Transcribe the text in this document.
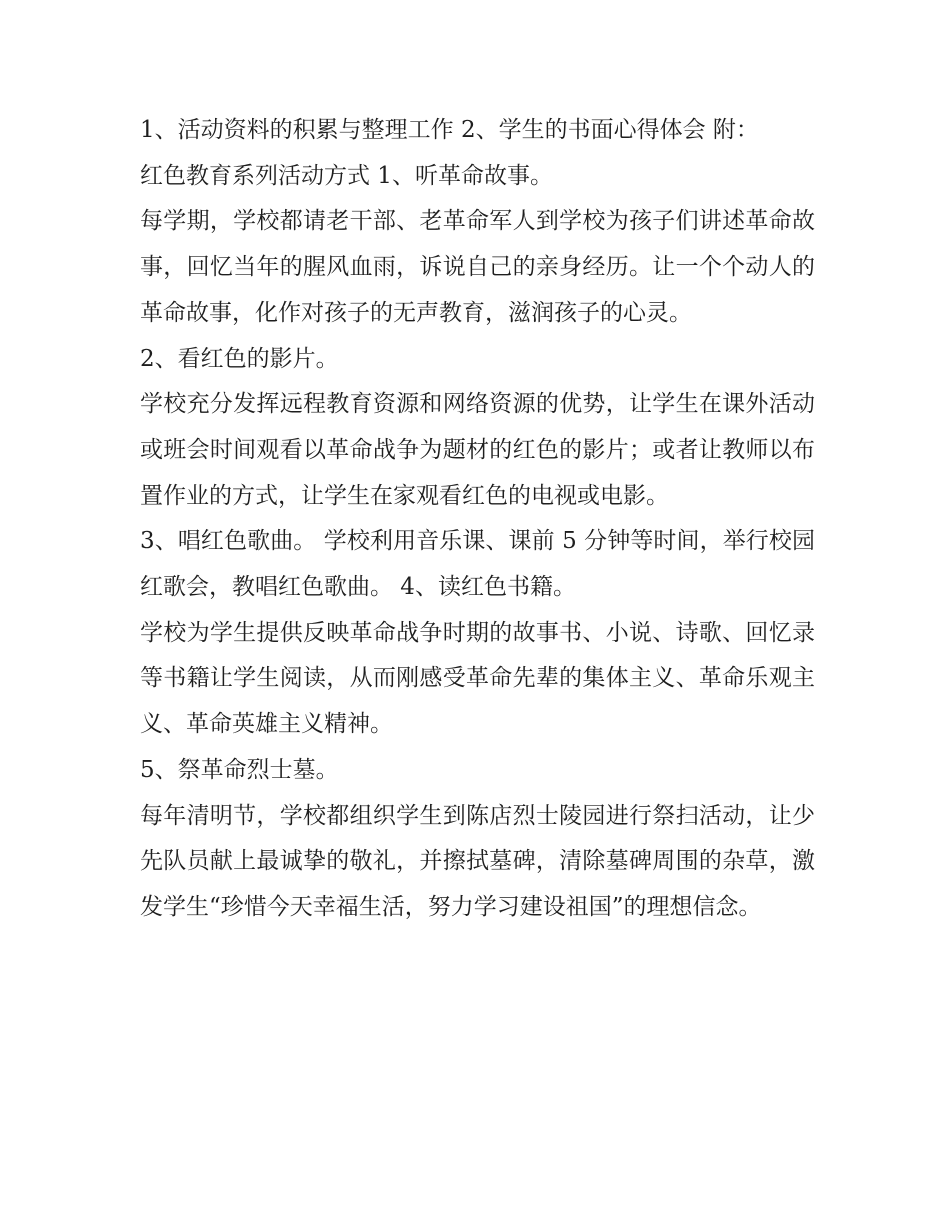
1、活动资料的积累与整理工作 2、学生的书面心得体会 附：

红色教育系列活动方式 1、听革命故事。

每学期，学校都请老干部、老革命军人到学校为孩子们讲述革命故事，回忆当年的腥风血雨，诉说自己的亲身经历。让一个个动人的革命故事，化作对孩子的无声教育，滋润孩子的心灵。

2、看红色的影片。

学校充分发挥远程教育资源和网络资源的优势，让学生在课外活动或班会时间观看以革命战争为题材的红色的影片；或者让教师以布置作业的方式，让学生在家观看红色的电视或电影。

3、唱红色歌曲。 学校利用音乐课、课前 5 分钟等时间，举行校园红歌会，教唱红色歌曲。 4、读红色书籍。

学校为学生提供反映革命战争时期的故事书、小说、诗歌、回忆录等书籍让学生阅读，从而刚感受革命先辈的集体主义、革命乐观主义、革命英雄主义精神。

5、祭革命烈士墓。

每年清明节，学校都组织学生到陈店烈士陵园进行祭扫活动，让少先队员献上最诚挚的敬礼，并擦拭墓碑，清除墓碑周围的杂草，激发学生“珍惜今天幸福生活，努力学习建设祖国”的理想信念。
